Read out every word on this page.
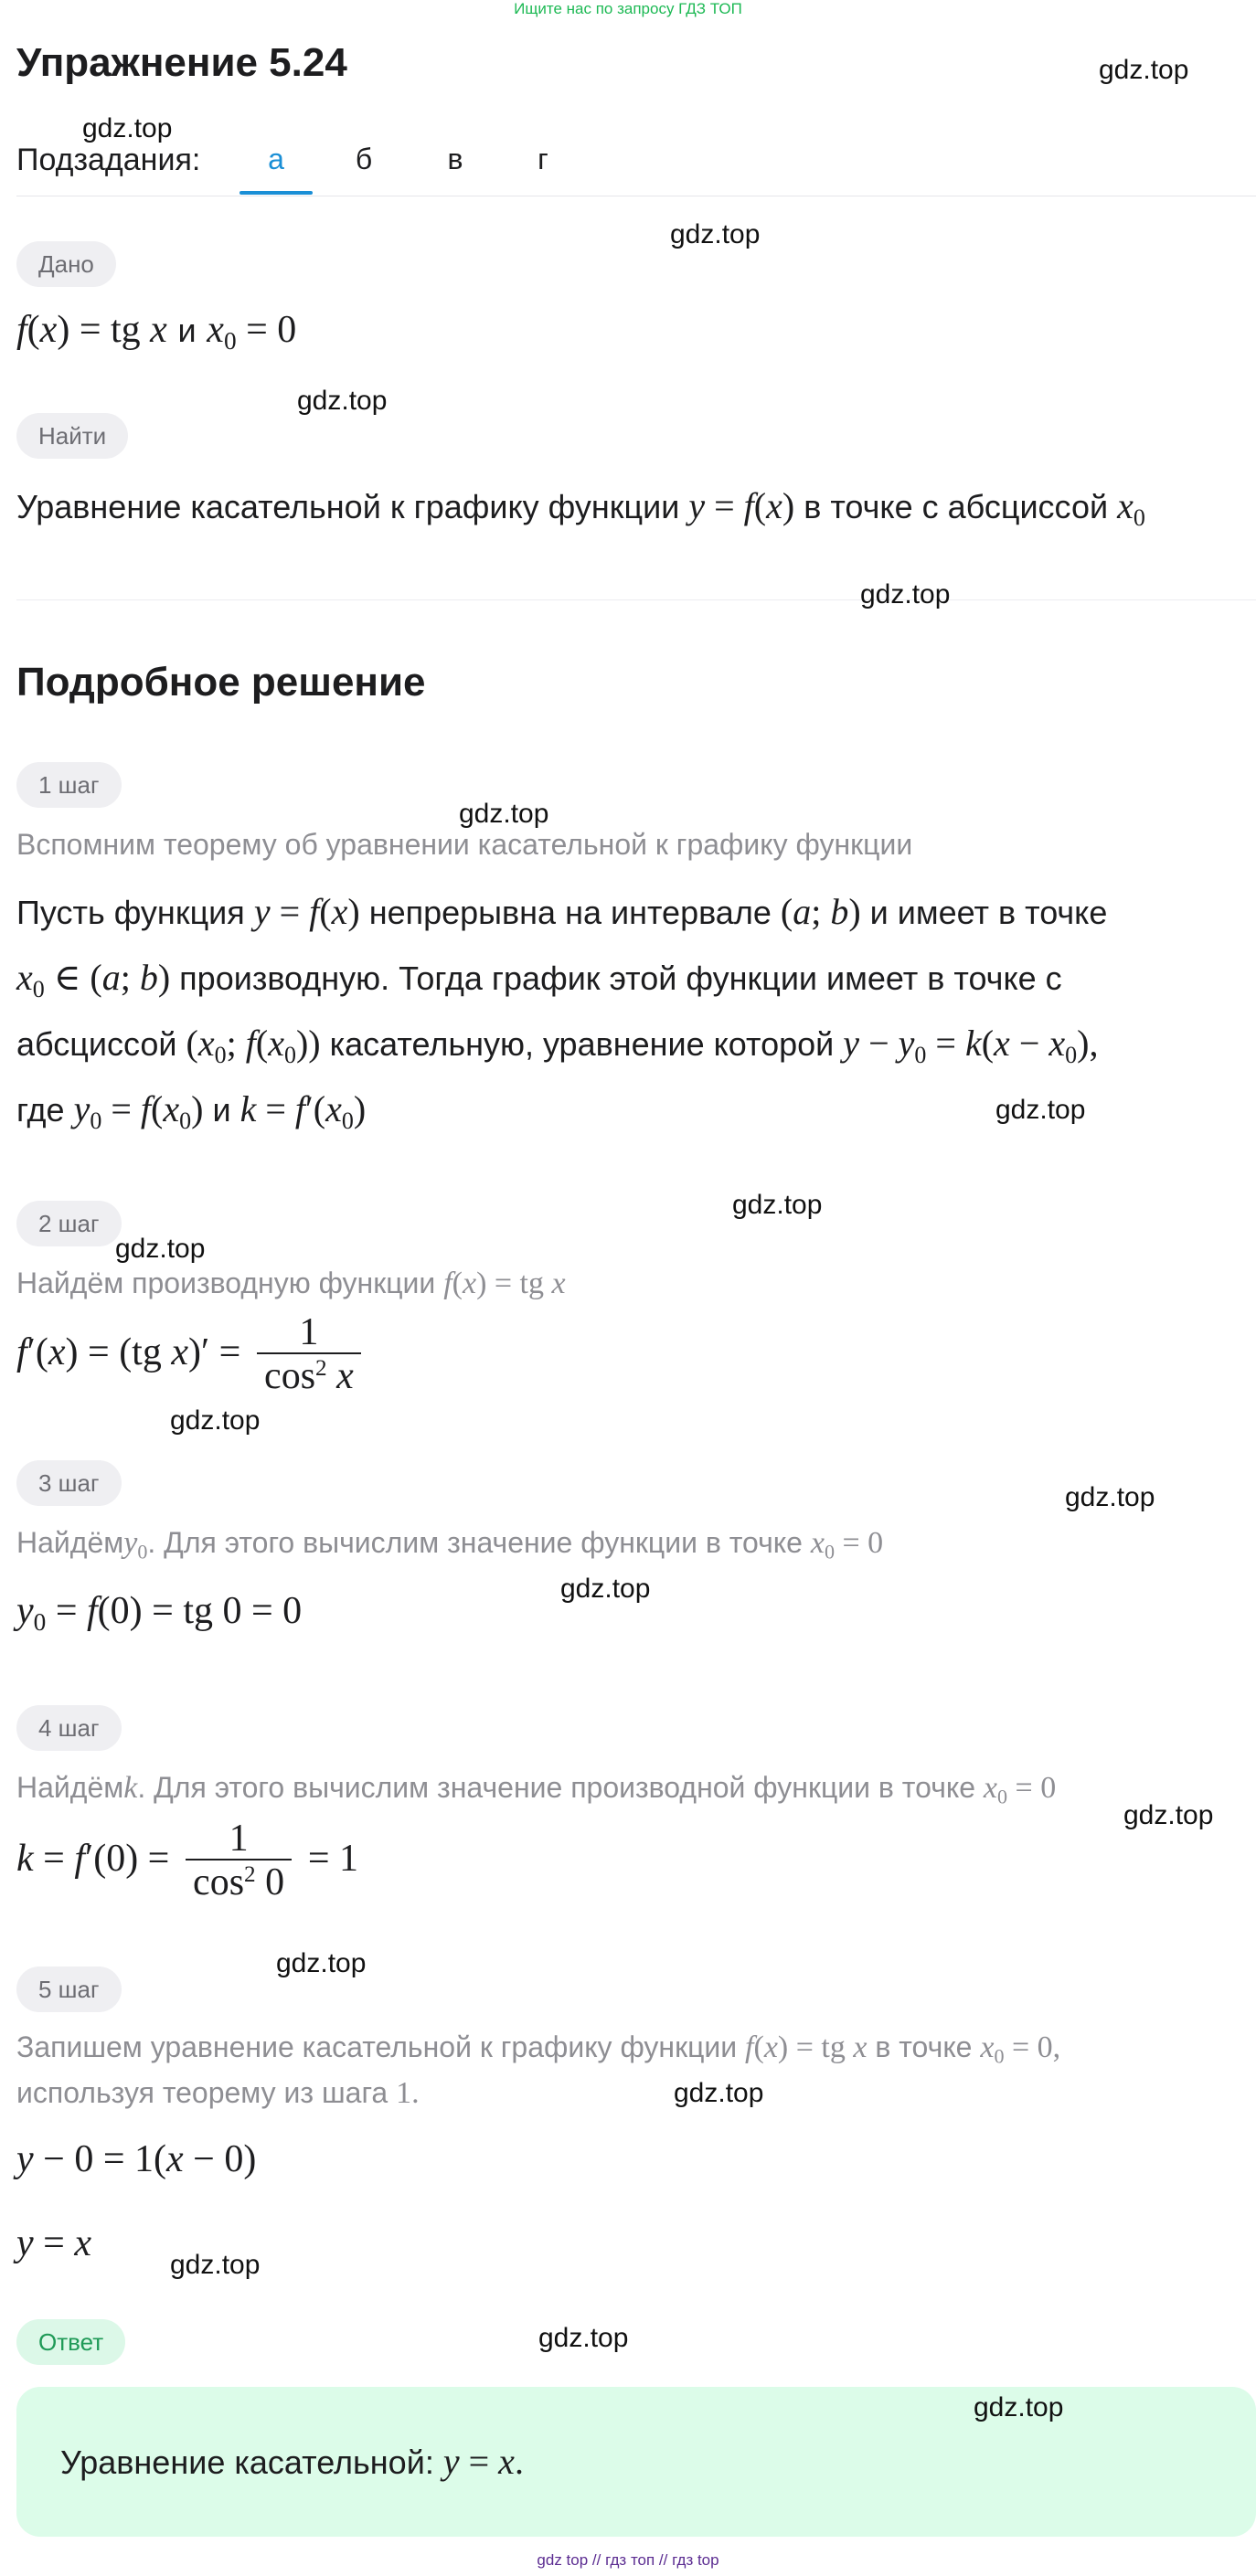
Ищите нас по запросу ГДЗ ТОП
Упражнение 5.24
Подзадания:	а	б	в	г
Дано
f(x) = tg x и $x_0 = 0$
Найти
Уравнение касательной к графику функции y = f(x) в точке с абсциссой $x_0$
Подробное решение
1 шаг
Вспомним теорему об уравнении касательной к графику функции
Пусть функция y = f(x) непрерывна на интервале (a; b) и имеет в точке
$x_0$ ∈ (a; b) производную. Тогда график этой функции имеет в точке с
абсциссой ($x_0$; $f(x_0)$) касательную, уравнение которой $y - y_0 = k(x - x_0)$,
где $y_0 = f(x_0)$ и $k = f'(x_0)$
2 шаг
Найдём производную функции f(x) = tg x
f′(x) = (tg $x)' = \frac{1}{\cos^2 x}$
3 шаг
Найдёмy$_0$. Для этого вычислим значение функции в точке $x_0 = 0$
$y_0 = f(0)$ = tg 0 = 0
4 шаг
Найдёмk. Для этого вычислим значение производной функции в точке $x_0 = 0$
$k = f'(0) = \frac{1}{\cos^2 0} = 1$
5 шаг
Запишем уравнение касательной к графику функции f(x) = tg x в точке $x_0 = 0$,
используя теорему из шага 1.
y − 0 = 1(x − 0)
y = x
Ответ
Уравнение касательной: y = x.
gdz.top
gdz.top
gdz.top
gdz.top
gdz.top
gdz.top
gdz.top
gdz.top
gdz.top
gdz.top
gdz.top
gdz.top
gdz.top
gdz.top
gdz.top
gdz.top
gdz.top
gdz.top
gdz top // гдз топ // гдз top
